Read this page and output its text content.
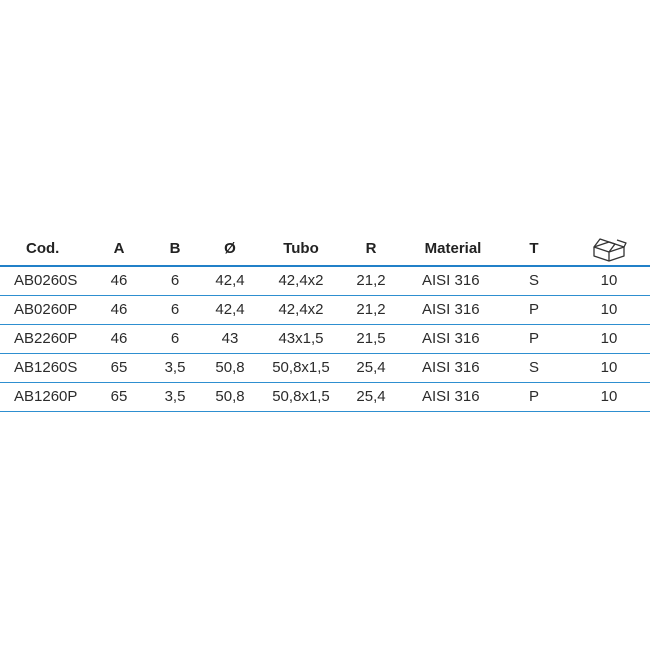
Cod.	A	B	Ø	Tubo	R	Material	T
AB0260S	46	6	42,4	42,4x2	21,2	AISI 316	S	10
AB0260P	46	6	42,4	42,4x2	21,2	AISI 316	P	10
AB2260P	46	6	43	43x1,5	21,5	AISI 316	P	10
AB1260S	65	3,5	50,8	50,8x1,5	25,4	AISI 316	S	10
AB1260P	65	3,5	50,8	50,8x1,5	25,4	AISI 316	P	10
